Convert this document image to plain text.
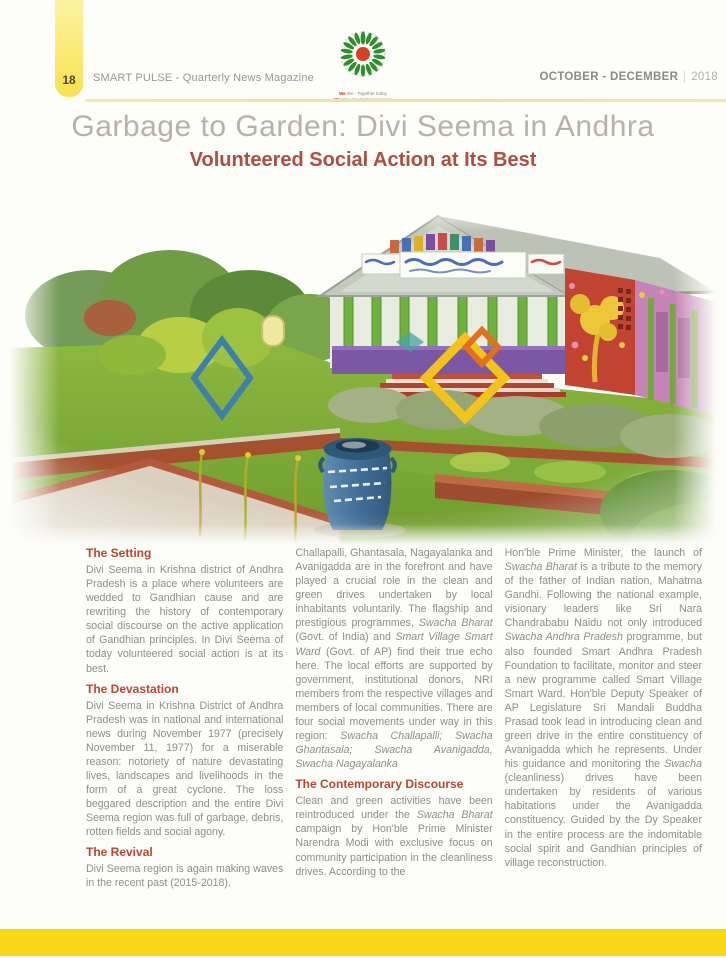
18 SMART PULSE - Quarterly News Magazine
We We : Together today

OCTOBER - DECEMBER 2018
Garbage to Garden: Divi Seema in Andhra
Volunteered Social Action at Its Best
The Setting

Divi Seema in Krishna district of Andhra Pradesh is a place where volunteers are wedded to Gandhian cause and are rewriting the history of contemporary social discourse on the active application of Gandhian principles. In Divi Seema of today volunteered social action is at its best.

The Devastation

Divi Seema in Krishna District of Andhra Pradesh was in national and international news during November 1977 (precisely November 11, 1977) for a miserable reason: notoriety of nature devastating lives, landscapes and livelihoods in the form of a great cyclone. The loss beggared description and the entire Divi Seema region was full of garbage, debris, rotten fields and social agony.

The Revival

Divi Seema region is again making waves in the recent past (2015-2018).

Challapalli, Ghantasala, Nagayalanka and Avanigadda are in the forefront and have played a crucial role in the clean and green drives undertaken by local inhabitants voluntarily. The flagship and prestigious programmes, Swacha Bharat (Govt. of India) and Smart Village Smart Ward (Govt. of AP) find their true echo here. The local efforts are supported by government, institutional donors, NRI members from the respective villages and members of local communities. There are four social movements under way in this region: Swacha Challapalli; Swacha Ghantasala; Swacha Avanigadda, Swacha Nagayalanka

The Contemporary Discourse

Clean and green activities have been reintroduced under the Swacha Bharat campaign by Hon'ble Prime Minister Narendra Modi with exclusive focus on community participation in the cleanliness drives. According to the

Hon'ble Prime Minister, the launch of Swacha Bharat is a tribute to the memory of the father of Indian nation, Mahatma Gandhi. Following the national example, visionary leaders like Sri Nara Chandrababu Naidu not only introduced Swacha Andhra Pradesh programme, but also founded Smart Andhra Pradesh Foundation to facilitate, monitor and steer a new programme called Smart Village Smart Ward. Hon'ble Deputy Speaker of AP Legislature Sri Mandali Buddha Prasad took lead in introducing clean and green drive in the entire constituency of Avanigadda which he represents. Under his guidance and monitoring the Swacha (cleanliness) drives have been undertaken by residents of various habitations under the Avanigadda constituency. Guided by the Dy Speaker in the entire process are the indomitable social spirit and Gandhian principles of village reconstruction.
